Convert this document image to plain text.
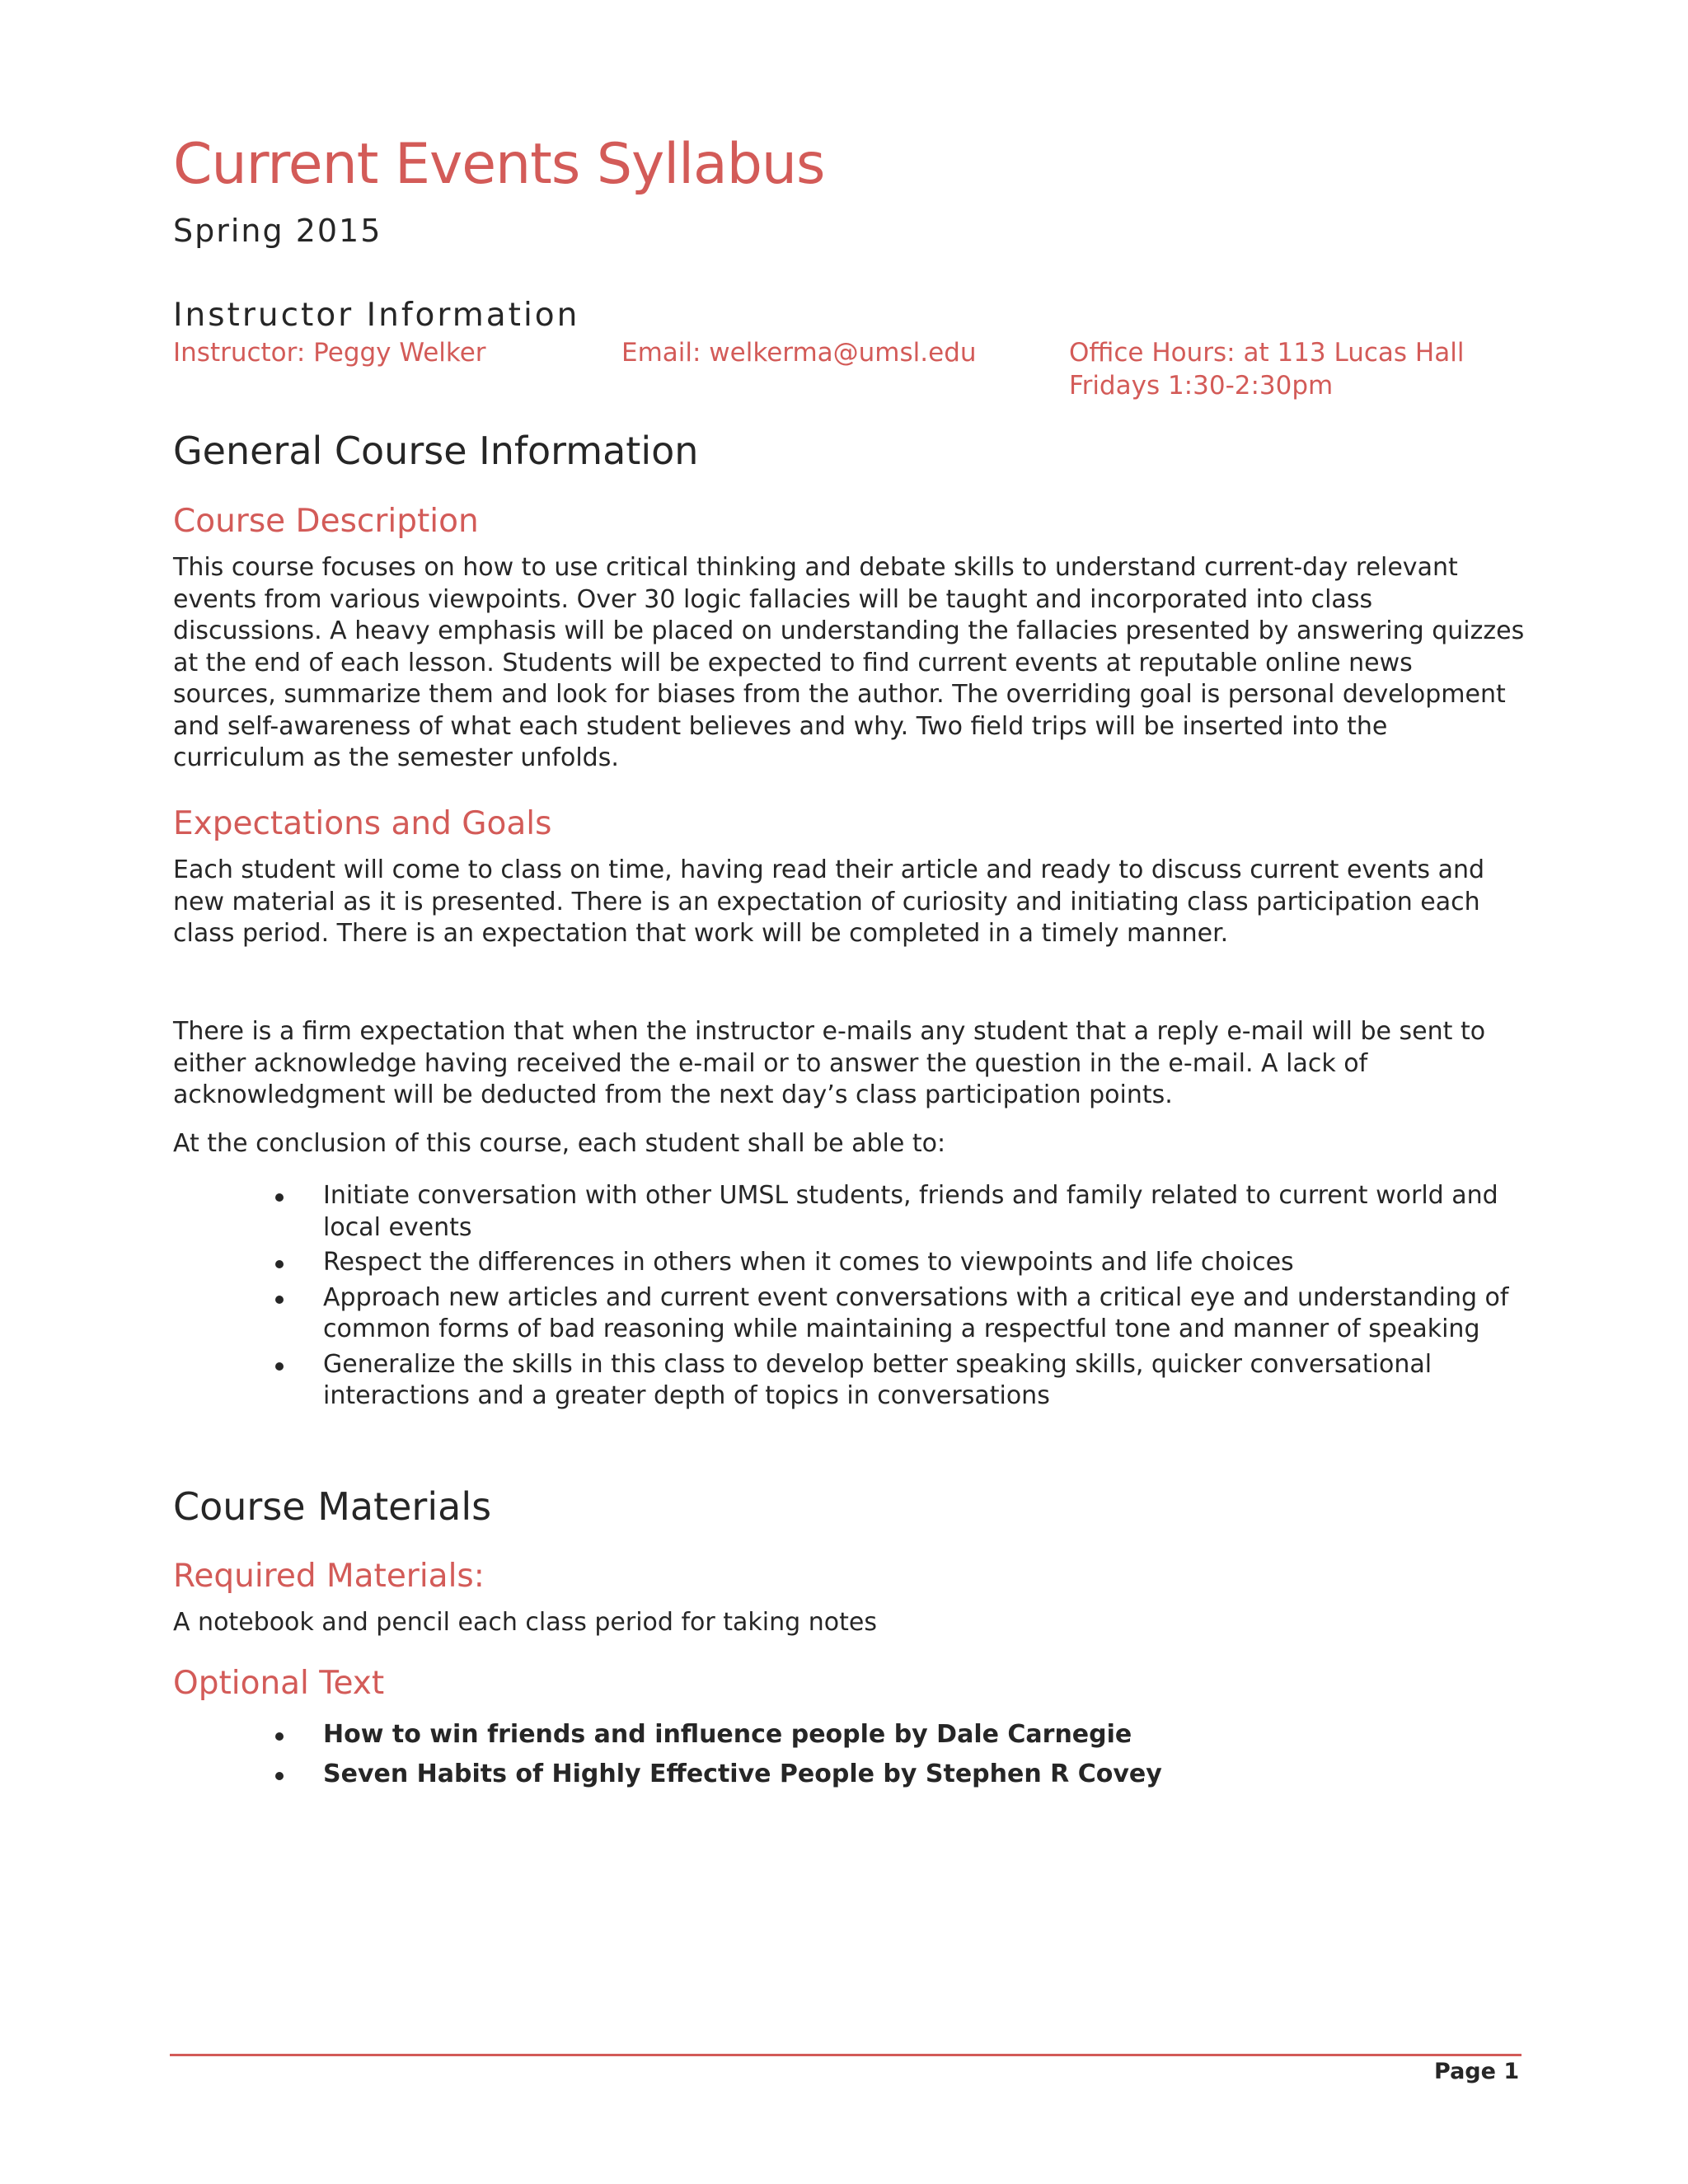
Current Events Syllabus
Spring 2015
Instructor Information
Instructor: Peggy Welker	Email: welkerma@umsl.edu	Office Hours: at 113 Lucas Hall
Fridays 1:30-2:30pm
General Course Information
Course Description

This course focuses on how to use critical thinking and debate skills to understand current-day relevant
events from various viewpoints. Over 30 logic fallacies will be taught and incorporated into class
discussions. A heavy emphasis will be placed on understanding the fallacies presented by answering quizzes
at the end of each lesson. Students will be expected to find current events at reputable online news
sources, summarize them and look for biases from the author. The overriding goal is personal development
and self-awareness of what each student believes and why. Two field trips will be inserted into the
curriculum as the semester unfolds.

Expectations and Goals

Each student will come to class on time, having read their article and ready to discuss current events and
new material as it is presented. There is an expectation of curiosity and initiating class participation each
class period. There is an expectation that work will be completed in a timely manner.

There is a firm expectation that when the instructor e-mails any student that a reply e-mail will be sent to
either acknowledge having received the e-mail or to answer the question in the e-mail. A lack of
acknowledgment will be deducted from the next day’s class participation points.

At the conclusion of this course, each student shall be able to:

Initiate conversation with other UMSL students, friends and family related to current world and
local events
Respect the differences in others when it comes to viewpoints and life choices
Approach new articles and current event conversations with a critical eye and understanding of
common forms of bad reasoning while maintaining a respectful tone and manner of speaking
Generalize the skills in this class to develop better speaking skills, quicker conversational
interactions and a greater depth of topics in conversations
Course Materials
Required Materials:

A notebook and pencil each class period for taking notes

Optional Text
How to win friends and influence people by Dale Carnegie
Seven Habits of Highly Effective People by Stephen R Covey
Page 1
